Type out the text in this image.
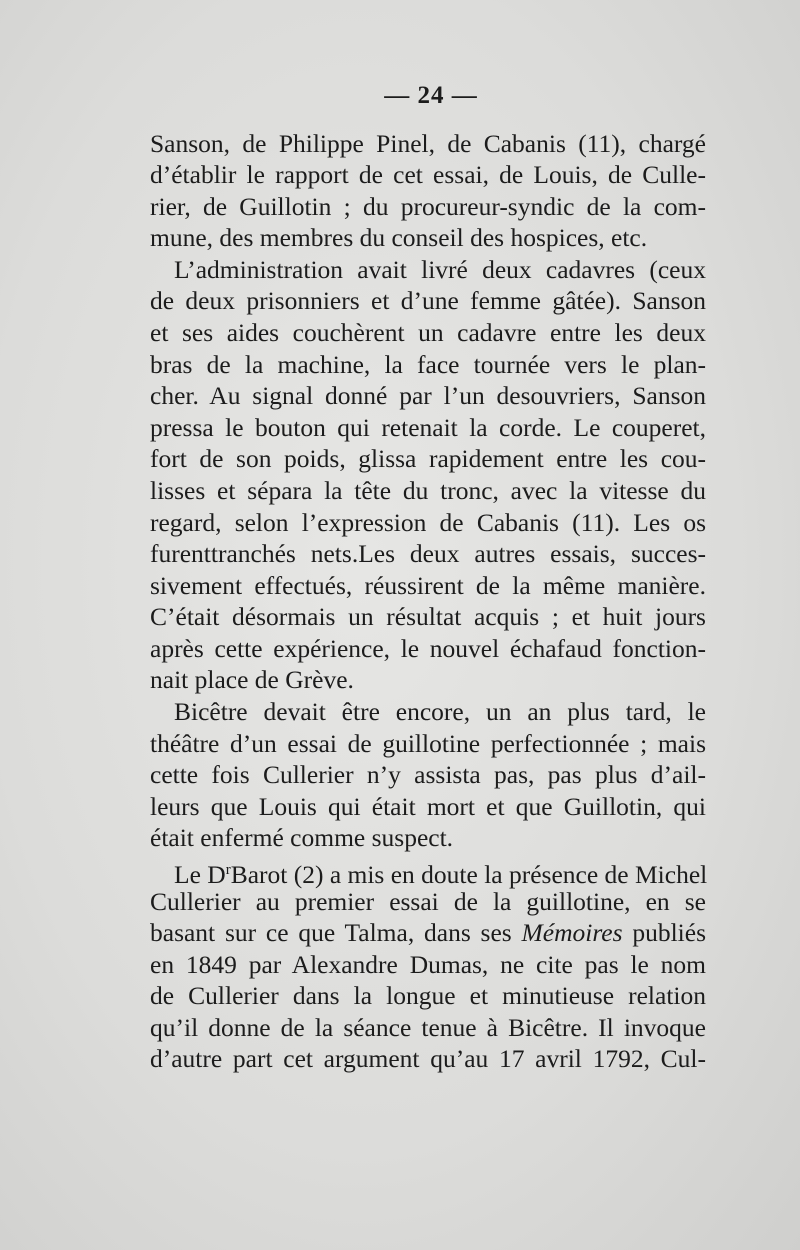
— 24 —
Sanson, de Philippe Pinel, de Cabanis (11), chargé
d’établir le rapport de cet essai, de Louis, de Culle-
rier, de Guillotin ; du procureur-syndic de la com-
mune, des membres du conseil des hospices, etc.
L’administration avait livré deux cadavres (ceux
de deux prisonniers et d’une femme gâtée). Sanson
et ses aides couchèrent un cadavre entre les deux
bras de la machine, la face tournée vers le plan-
cher. Au signal donné par l’un desouvriers, Sanson
pressa le bouton qui retenait la corde. Le couperet,
fort de son poids, glissa rapidement entre les cou-
lisses et sépara la tête du tronc, avec la vitesse du
regard, selon l’expression de Cabanis (11). Les os
furenttranchés nets.Les deux autres essais, succes-
sivement effectués, réussirent de la même manière.
C’était désormais un résultat acquis ; et huit jours
après cette expérience, le nouvel échafaud fonction-
nait place de Grève.
Bicêtre devait être encore, un an plus tard, le
théâtre d’un essai de guillotine perfectionnée ; mais
cette fois Cullerier n’y assista pas, pas plus d’ail-
leurs que Louis qui était mort et que Guillotin, qui
était enfermé comme suspect.
Le $D^rBarot$ (2) a mis en doute la présence de Michel
Cullerier au premier essai de la guillotine, en se
basant sur ce que Talma, dans ses Mémoires publiés
en 1849 par Alexandre Dumas, ne cite pas le nom
de Cullerier dans la longue et minutieuse relation
qu’il donne de la séance tenue à Bicêtre. Il invoque
d’autre part cet argument qu’au 17 avril 1792, Cul-
